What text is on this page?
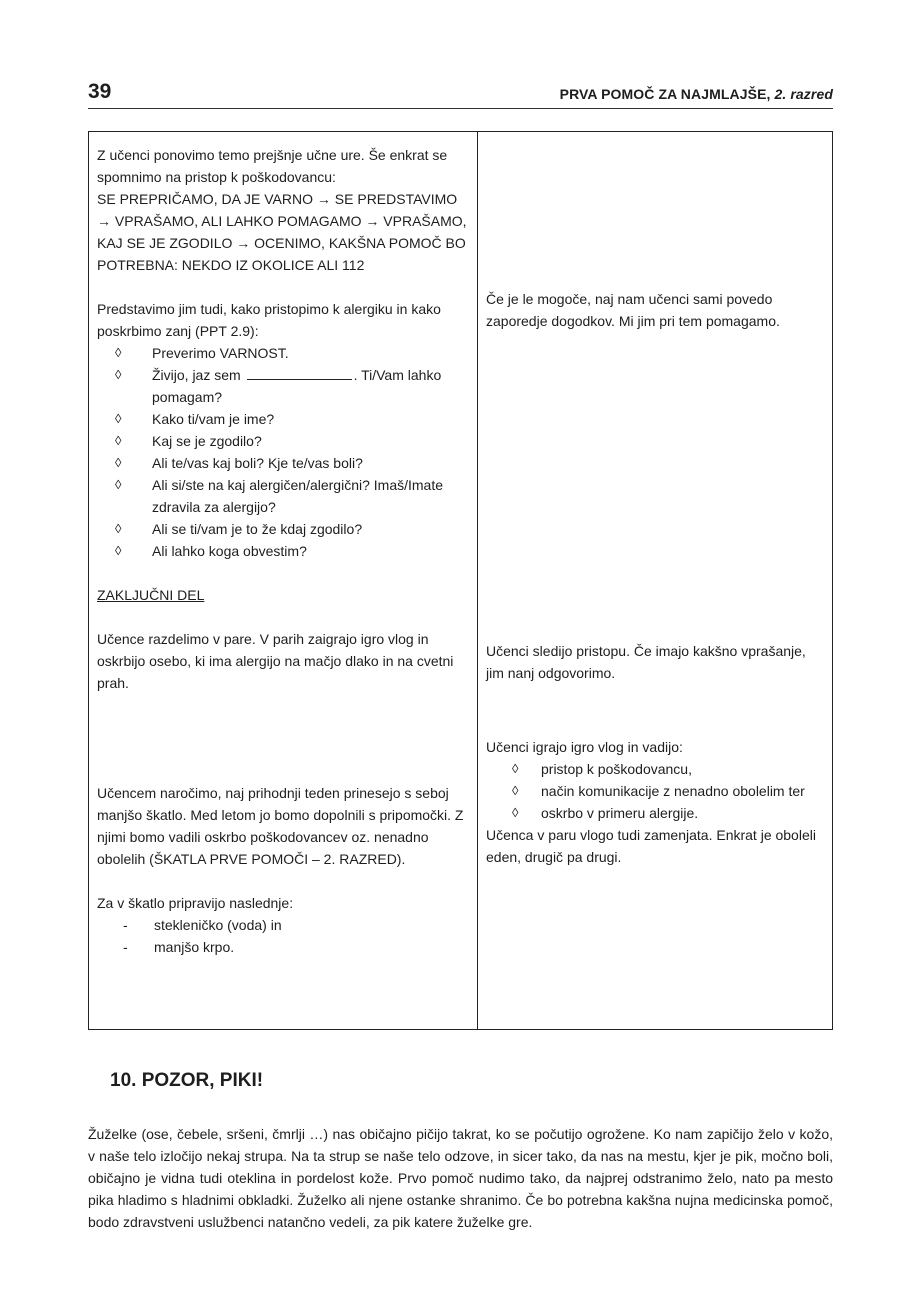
39	PRVA POMOČ ZA NAJMLAJŠE, 2. razred

Z učenci ponovimo temo prejšnje učne ure. Še enkrat se spomnimo na pristop k poškodovancu:

SE PREPRIČAMO, DA JE VARNO → SE PREDSTAVIMO → VPRAŠAMO, ALI LAHKO POMAGAMO → VPRAŠAMO, KAJ SE JE ZGODILO → OCENIMO, KAKŠNA POMOČ BO POTREBNA: NEKDO IZ OKOLICE ALI 112

Predstavimo jim tudi, kako pristopimo k alergiku in kako poskrbimo zanj (PPT 2.9):

◊ Preverimo VARNOST.
◊ Živijo, jaz sem	. Ti/Vam lahko pomagam?
◊ Kako ti/vam je ime?
◊ Kaj se je zgodilo?
◊ Ali te/vas kaj boli? Kje te/vas boli?
◊ Ali si/ste na kaj alergičen/alergični? Imaš/Imate zdravila za alergijo?
◊ Ali se ti/vam je to že kdaj zgodilo?
◊ Ali lahko koga obvestim?

ZAKLJUČNI DEL

Učence razdelimo v pare. V parih zaigrajo igro vlog in oskrbijo osebo, ki ima alergijo na mačjo dlako in na cvetni prah.

Učencem naročimo, naj prihodnji teden prinesejo s seboj manjšo škatlo. Med letom jo bomo dopolnili s pripomočki. Z njimi bomo vadili oskrbo poškodovancev oz. nenadno obolelih (ŠKATLA PRVE POMOČI – 2. RAZRED).

Za v škatlo pripravijo naslednje:

- stekleničko (voda) in
- manjšo krpo.

Če je le mogoče, naj nam učenci sami povedo zaporedje dogodkov. Mi jim pri tem pomagamo.

Učenci sledijo pristopu. Če imajo kakšno vprašanje, jim nanj odgovorimo.

Učenci igrajo igro vlog in vadijo:

◊ pristop k poškodovancu,
◊ način komunikacije z nenadno obolelim ter
◊ oskrbo v primeru alergije.

Učenca v paru vlogo tudi zamenjata. Enkrat je oboleli eden, drugič pa drugi.

10. POZOR, PIKI!

Žuželke (ose, čebele, sršeni, čmrlji …) nas običajno pičijo takrat, ko se počutijo ogrožene. Ko nam zapičijo želo v kožo, v naše telo izločijo nekaj strupa. Na ta strup se naše telo odzove, in sicer tako, da nas na mestu, kjer je pik, močno boli, običajno je vidna tudi oteklina in pordelost kože. Prvo pomoč nudimo tako, da najprej odstranimo želo, nato pa mesto pika hladimo s hladnimi obkladki. Žuželko ali njene ostanke shranimo. Če bo potrebna kakšna nujna medicinska pomoč, bodo zdravstveni uslužbenci natančno vedeli, za pik katere žuželke gre.
